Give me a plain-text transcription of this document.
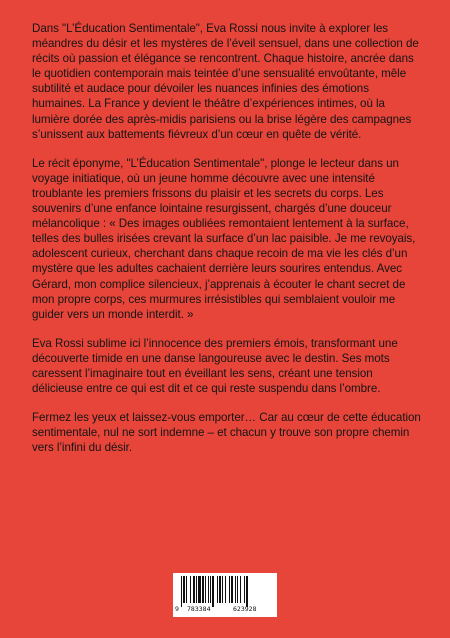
Dans "L’Éducation Sentimentale", Eva Rossi nous invite à explorer les méandres du désir et les mystères de l’éveil sensuel, dans une collection de récits où passion et élégance se rencontrent. Chaque histoire, ancrée dans le quotidien contemporain mais teintée d’une sensualité envoûtante, mêle subtilité et audace pour dévoiler les nuances infinies des émotions humaines. La France y devient le théâtre d’expériences intimes, où la lumière dorée des après-midis parisiens ou la brise légère des campagnes s’unissent aux battements fiévreux d’un cœur en quête de vérité.

Le récit éponyme, "L’Éducation Sentimentale", plonge le lecteur dans un voyage initiatique, où un jeune homme découvre avec une intensité troublante les premiers frissons du plaisir et les secrets du corps. Les souvenirs d’une enfance lointaine resurgissent, chargés d’une douceur mélancolique : « Des images oubliées remontaient lentement à la surface, telles des bulles irisées crevant la surface d’un lac paisible. Je me revoyais, adolescent curieux, cherchant dans chaque recoin de ma vie les clés d’un mystère que les adultes cachaient derrière leurs sourires entendus. Avec Gérard, mon complice silencieux, j’apprenais à écouter le chant secret de mon propre corps, ces murmures irrésistibles qui semblaient vouloir me guider vers un monde interdit. »

Eva Rossi sublime ici l’innocence des premiers émois, transformant une découverte timide en une danse langoureuse avec le destin. Ses mots caressent l’imaginaire tout en éveillant les sens, créant une tension délicieuse entre ce qui est dit et ce qui reste suspendu dans l’ombre.

Fermez les yeux et laissez-vous emporter… Car au cœur de cette éducation sentimentale, nul ne sort indemne – et chacun y trouve son propre chemin vers l’infini du désir.

9 783384	623928
